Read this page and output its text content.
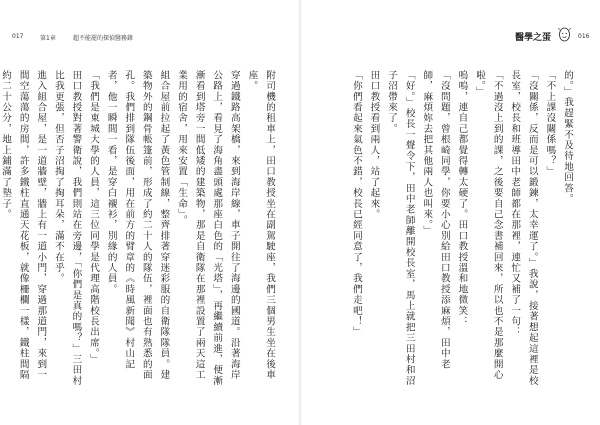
017	第1章	超不能罷的探偵醫務錄

附司機的租車上，田口教授坐在副駕駛座，我們三個男生坐在後車座。

穿過鐵路高架橋，來到海岸線，車子開往了海邊的國道。沿著海岸公路上，看見了海角盡頭處那座白色的「光塔」，再繼續前進，便漸漸看到塔旁一間低矮的建築物，那是自衛隊在那裡設置了兩天這工業用的宿舍，用來安置「生命」。

組合屋前拉起了黃色管制線，整齊排著穿迷彩服的自衛隊隊員。建築物外的鋼骨帳篷前，形成了約二十人的隊伍，裡面也有熟悉的面孔。我們排到隊伍後面，用在前方的臂章的《時風新聞》村山記者，他一瞬間一看，是穿白襯衫，別緣的人員。

「我們是東城大學的人員，這三位同學是代理高階校長出席。」

田口教授對著警衛說，我們則站在旁邊，「你們是真的嗎？」三田村比我更張，但否子沼掏了掏耳朵，滿不在乎。

進入組合屋，是一道牆壁，牆上有一道小門，穿過那道門，來到一間空蕩蕩的房間，許多鐵柱直通天花板，就像柵欄一樣，鐵柱間隔約二十公分，地上鋪滿了墊子。

醫學之蛋	016

的。」我趕緊不及待地回答。

「不上課沒關係嗎？」

「沒關係，反而是可以鍛鍊，太幸運了。」我說，接著想起這裡是校長室，校長和班導田中老師都在那裡，連忙又補了一句：

「不過沒上到的課，之後要自己念書補回來，所以也不是那麼開心啦。」

嗚嗚，連自己都覺得轉太硬了。田口教授溫和地微笑：

「沒問題，曾根崎同學，你要小心別給田口教授添麻煩，田中老師，麻煩妳去把其他兩人也叫來。」

「好。」校長一聲令下，田中老師離開校長室，馬上就把三田村和沼子沼帶來了。

田口教授看到兩人，站了起來。

「你們看起來氣色不錯，校長已經同意了，我們走吧！」
